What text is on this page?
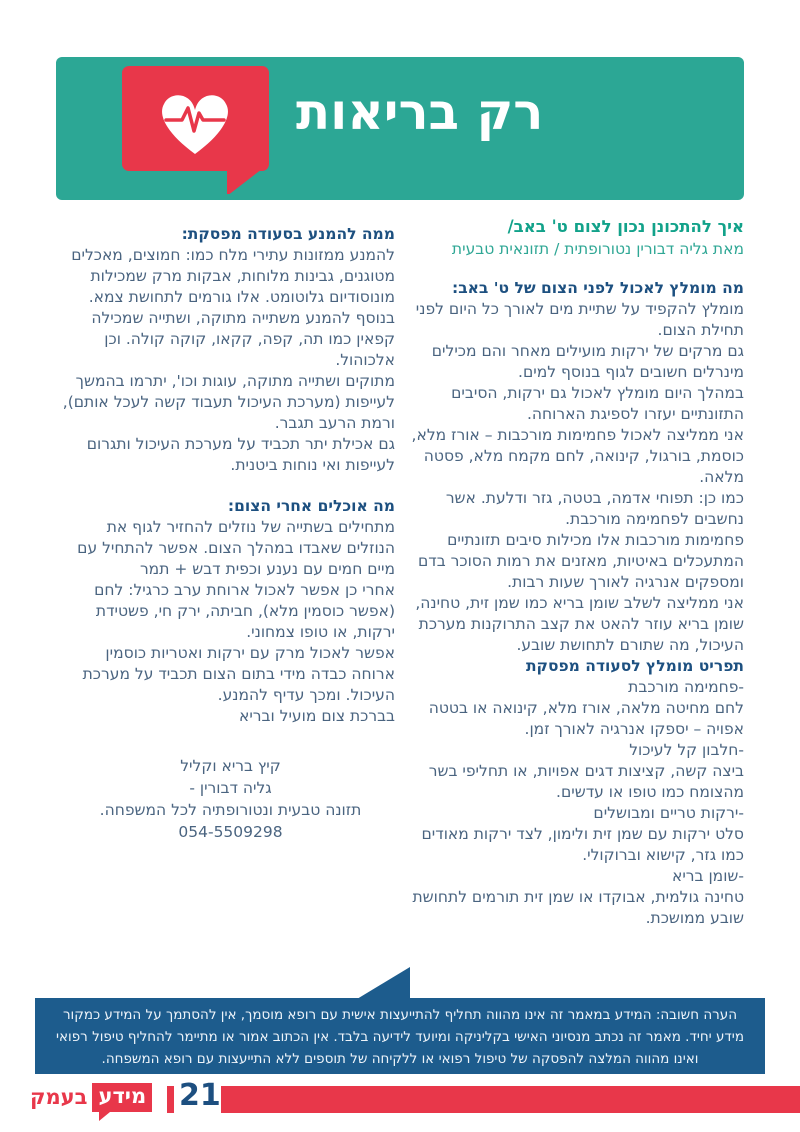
רק בריאות
איך להתכונן נכון לצום ט' באב/
מאת גליה דבורין נטורופתית / תזונאית טבעית
מה מומלץ לאכול לפני הצום של ט' באב:
מומלץ להקפיד על שתיית מים לאורך כל היום לפני תחילת הצום.
גם מרקים של ירקות מועילים מאחר והם מכילים מינרלים חשובים לגוף בנוסף למים.
במהלך היום מומלץ לאכול גם ירקות, הסיבים התזונתיים יעזרו לספיגת הארוחה.
אני ממליצה לאכול פחמימות מורכבות – אורז מלא, כוסמת, בורגול, קינואה, לחם מקמח מלא, פסטה מלאה.
כמו כן: תפוחי אדמה, בטטה, גזר ודלעת. אשר נחשבים לפחמימה מורכבת.
פחמימות מורכבות אלו מכילות סיבים תזונתיים המתעכלים באיטיות, מאזנים את רמות הסוכר בדם ומספקים אנרגיה לאורך שעות רבות.
אני ממליצה לשלב שומן בריא כמו שמן זית, טחינה, שומן בריא עוזר להאט את קצב התרוקנות מערכת העיכול, מה שתורם לתחושת שובע.
תפריט מומלץ לסעודה מפסקת
-פחמימה מורכבת
לחם מחיטה מלאה, אורז מלא, קינואה או בטטה אפויה – יספקו אנרגיה לאורך זמן.
-חלבון קל לעיכול
ביצה קשה, קציצות דגים אפויות, או תחליפי בשר מהצומח כמו טופו או עדשים.
-ירקות טריים ומבושלים
סלט ירקות עם שמן זית ולימון, לצד ירקות מאודים כמו גזר, קישוא וברוקולי.
-שומן בריא
טחינה גולמית, אבוקדו או שמן זית תורמים לתחושת שובע ממושכת.
ממה להמנע בסעודה מפסקת:
להמנע ממזונות עתירי מלח כמו: חמוצים, מאכלים מטוגנים, גבינות מלוחות, אבקות מרק שמכילות מונוסודיום גלוטומט. אלו גורמים לתחושת צמא.
בנוסף להמנע משתייה מתוקה, ושתייה שמכילה קפאין כמו תה, קפה, קקאו, קוקה קולה. וכן אלכוהול.
מתוקים ושתייה מתוקה, עוגות וכו', יתרמו בהמשך לעייפות (מערכת העיכול תעבוד קשה לעכל אותם), ורמת הרעב תגבר.
גם אכילת יתר תכביד על מערכת העיכול ותגרום לעייפות ואי נוחות ביטנית.
מה אוכלים אחרי הצום:
מתחילים בשתייה של נוזלים להחזיר לגוף את הנוזלים שאבדו במהלך הצום. אפשר להתחיל עם מיים חמים עם נענע וכפית דבש + תמר
אחרי כן אפשר לאכול ארוחת ערב כרגיל: לחם (אפשר כוסמין מלא), חביתה, ירק חי, פשטידת ירקות, או טופו צמחוני.
אפשר לאכול מרק עם ירקות ואטריות כוסמין
ארוחה כבדה מידי בתום הצום תכביד על מערכת העיכול. ומכך עדיף להמנע.
בברכת צום מועיל ובריא
קיץ בריא וקליל
גליה דבורין -
תזונה טבעית ונטורופתיה לכל המשפחה.
054-5509298
הערה חשובה: המידע במאמר זה אינו מהווה תחליף להתייעצות אישית עם רופא מוסמך, אין להסתמך על המידע כמקור מידע יחיד. מאמר זה נכתב מנסיוני האישי בקליניקה ומיועד לידיעה בלבד. אין הכתוב אמור או מתיימר להחליף טיפול רפואי ואינו מהווה המלצה להפסקה של טיפול רפואי או ללקיחה של תוספים ללא התייעצות עם רופא המשפחה.
מידע
בעמק	21
